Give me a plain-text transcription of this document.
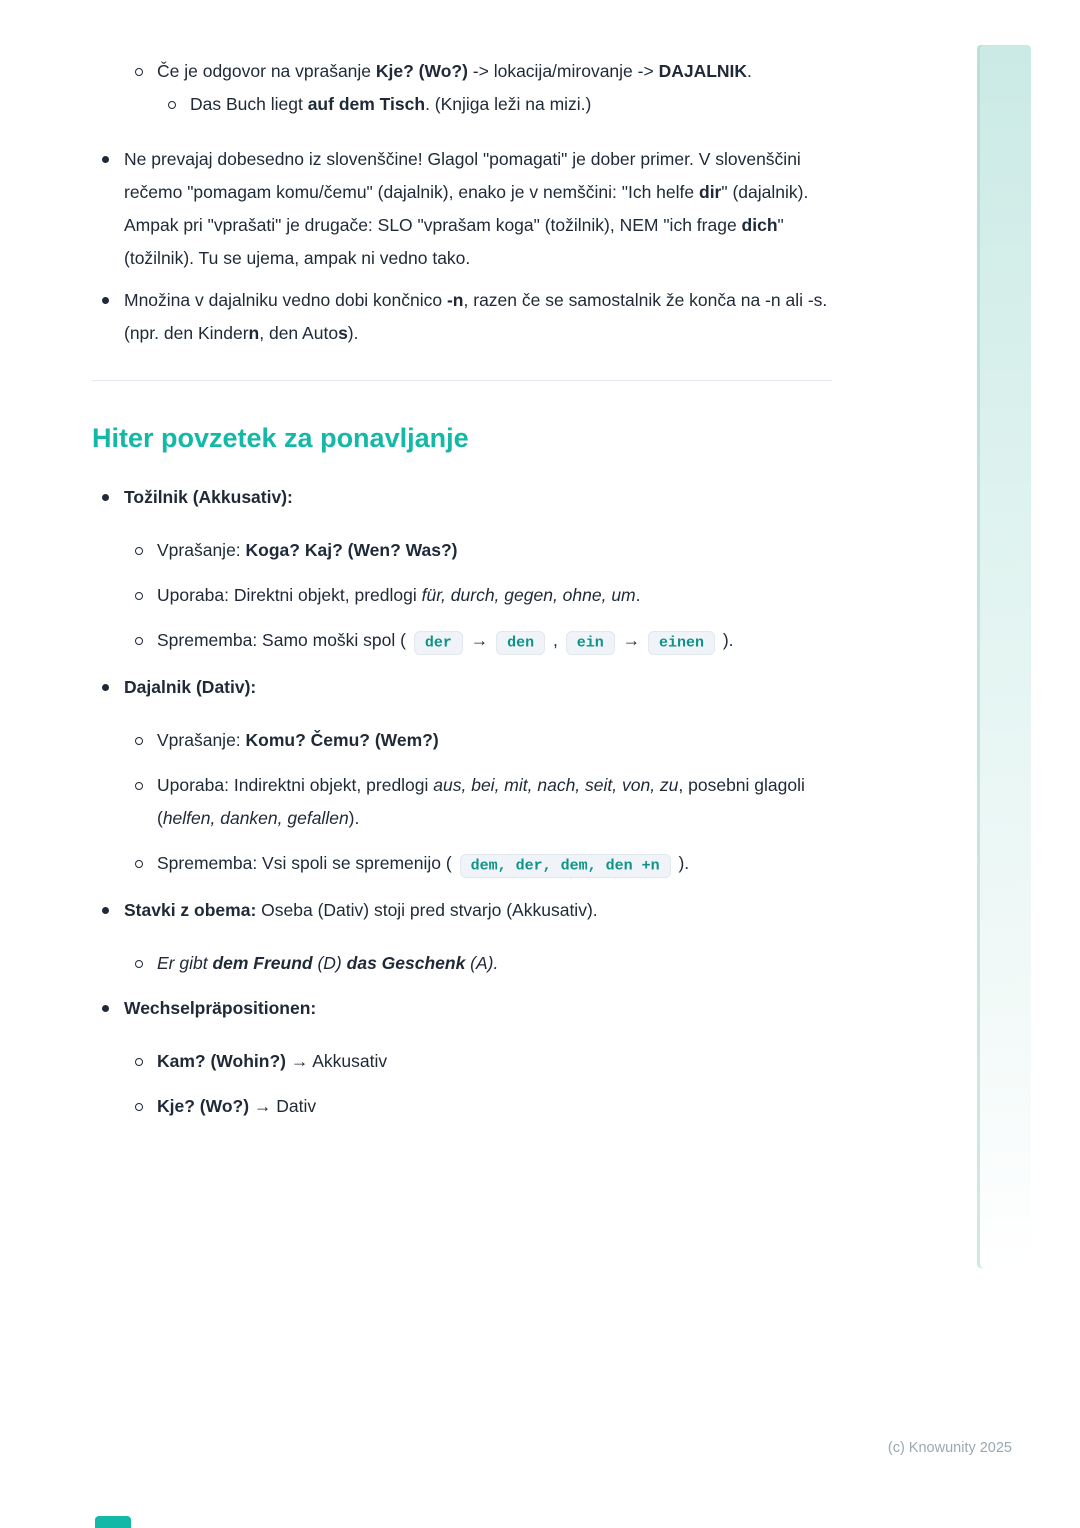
Če je odgovor na vprašanje Kje? (Wo?) -> lokacija/mirovanje -> DAJALNIK.
Das Buch liegt auf dem Tisch. (Knjiga leži na mizi.)
Ne prevajaj dobesedno iz slovenščine! Glagol "pomagati" je dober primer. V slovenščini rečemo "pomagam komu/čemu" (dajalnik), enako je v nemščini: "Ich helfe dir" (dajalnik). Ampak pri "vprašati" je drugače: SLO "vprašam koga" (tožilnik), NEM "ich frage dich" (tožilnik). Tu se ujema, ampak ni vedno tako.
Množina v dajalniku vedno dobi končnico -n, razen če se samostalnik že konča na -n ali -s. (npr. den Kindern, den Autos).
Hiter povzetek za ponavljanje
Tožilnik (Akkusativ):
Vprašanje: Koga? Kaj? (Wen? Was?)
Uporaba: Direktni objekt, predlogi für, durch, gegen, ohne, um.
Sprememba: Samo moški spol ( der → den , ein → einen ).
Dajalnik (Dativ):
Vprašanje: Komu? Čemu? (Wem?)
Uporaba: Indirektni objekt, predlogi aus, bei, mit, nach, seit, von, zu, posebni glagoli (helfen, danken, gefallen).
Sprememba: Vsi spoli se spremenijo ( dem, der, dem, den +n ).
Stavki z obema: Oseba (Dativ) stoji pred stvarjo (Akkusativ).
Er gibt dem Freund (D) das Geschenk (A).
Wechselpräpositionen:
Kam? (Wohin?) → Akkusativ
Kje? (Wo?) → Dativ
(c) Knowunity 2025
